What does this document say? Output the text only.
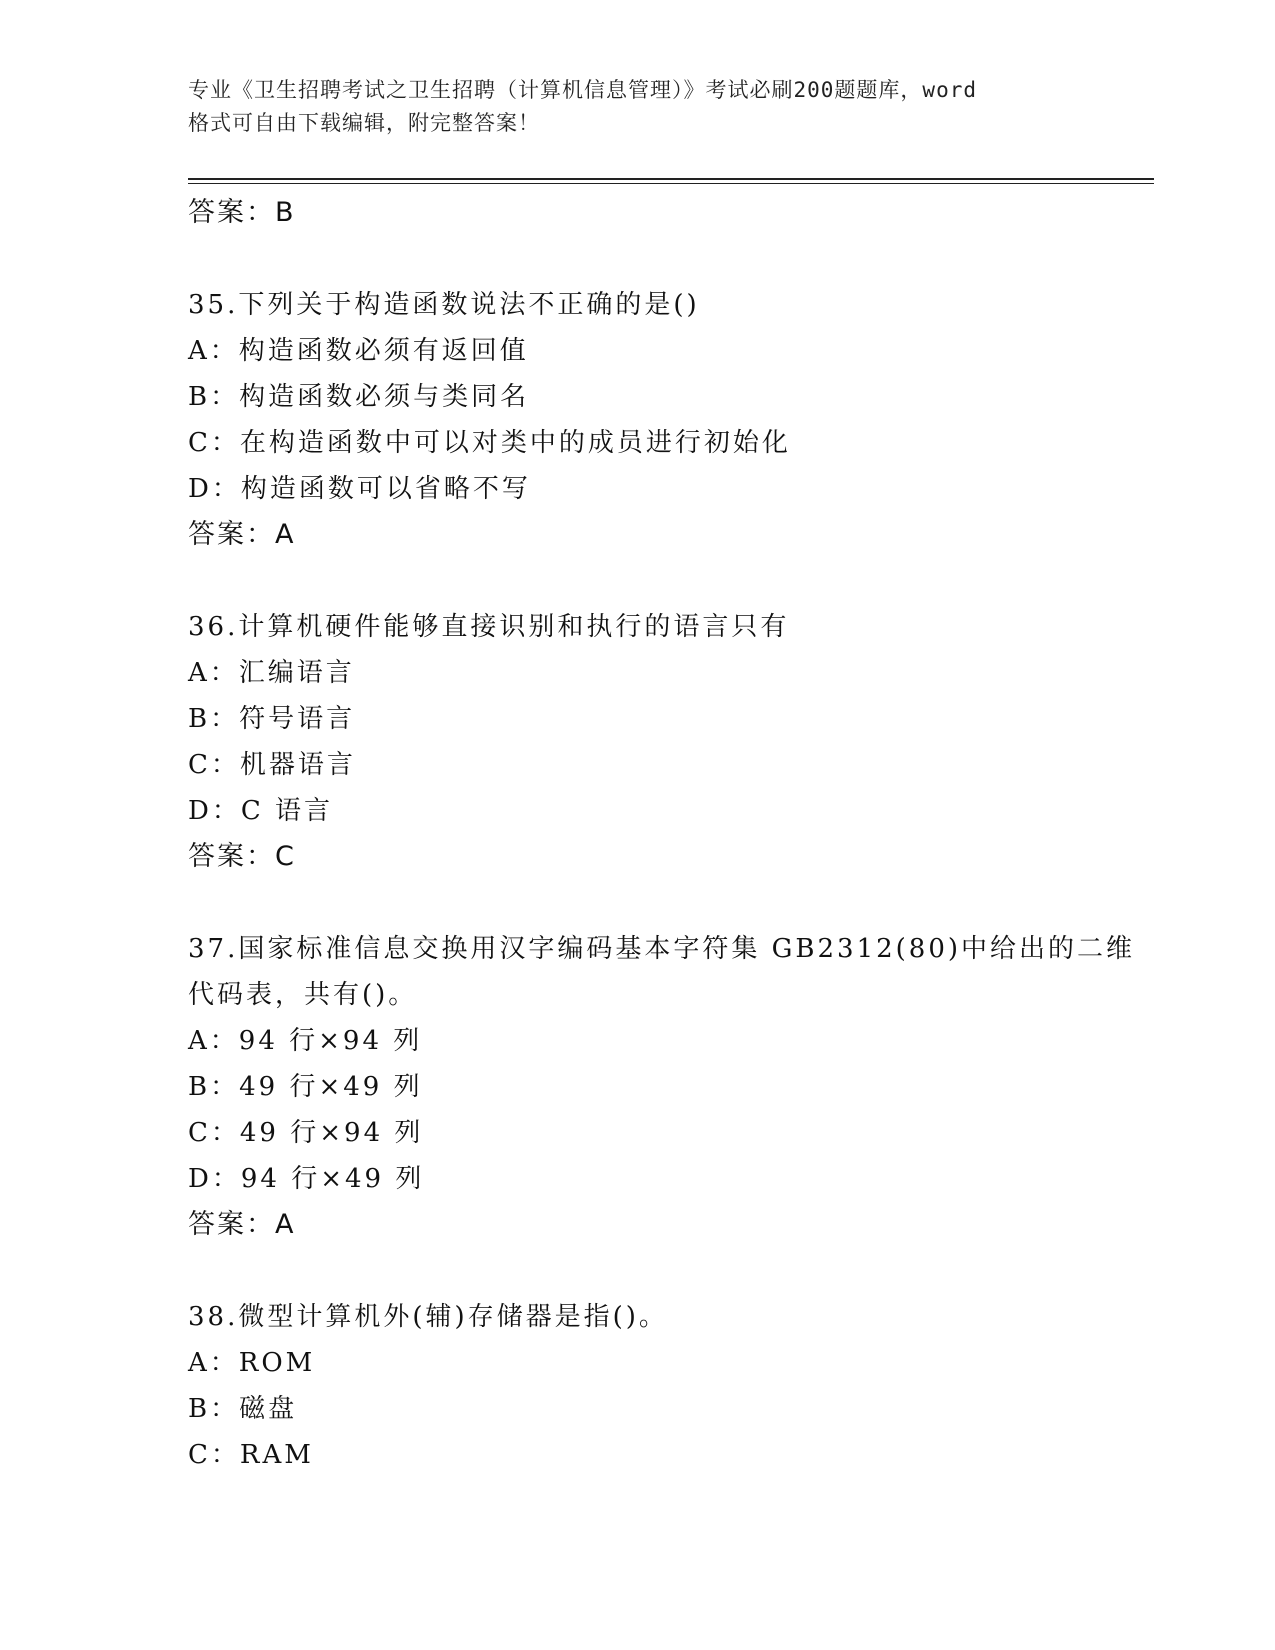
专业《卫生招聘考试之卫生招聘（计算机信息管理）》考试必刷200题题库，word
格式可自由下载编辑，附完整答案！
答案：B
35.下列关于构造函数说法不正确的是()
A：构造函数必须有返回值
B：构造函数必须与类同名
C：在构造函数中可以对类中的成员进行初始化
D：构造函数可以省略不写
答案：A
36.计算机硬件能够直接识别和执行的语言只有
A：汇编语言
B：符号语言
C：机器语言
D：C 语言
答案：C
37.国家标准信息交换用汉字编码基本字符集 GB2312(80)中给出的二维
代码表，共有()。
A：94 行×94 列
B：49 行×49 列
C：49 行×94 列
D：94 行×49 列
答案：A
38.微型计算机外(辅)存储器是指()。
A：ROM
B：磁盘
C：RAM
